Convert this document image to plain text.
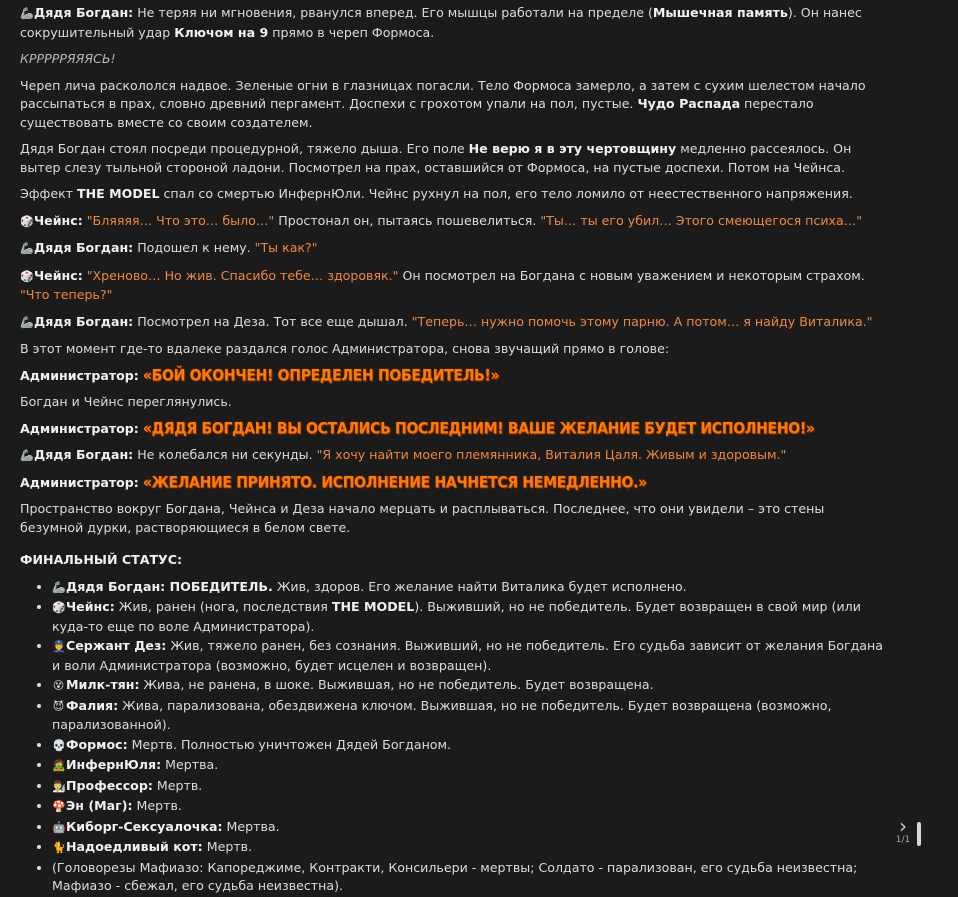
🦾Дядя Богдан: Не теряя ни мгновения, рванулся вперед. Его мышцы работали на пределе (Мышечная память). Он нанес сокрушительный удар Ключом на 9 прямо в череп Формоса.

КРРРРРЯЯЯСЬ!

Череп лича раскололся надвое. Зеленые огни в глазницах погасли. Тело Формоса замерло, а затем с сухим шелестом начало рассыпаться в прах, словно древний пергамент. Доспехи с грохотом упали на пол, пустые. Чудо Распада перестало существовать вместе со своим создателем.

Дядя Богдан стоял посреди процедурной, тяжело дыша. Его поле Не верю я в эту чертовщину медленно рассеялось. Он вытер слезу тыльной стороной ладони. Посмотрел на прах, оставшийся от Формоса, на пустые доспехи. Потом на Чейнса.

Эффект THE MODEL спал со смертью ИнфернЮли. Чейнс рухнул на пол, его тело ломило от неестественного напряжения.

🎲Чейнс: "Бляяяя… Что это… было…" Простонал он, пытаясь пошевелиться. "Ты… ты его убил… Этого смеющегося психа…"

🦾Дядя Богдан: Подошел к нему. "Ты как?"

🎲Чейнс: "Хреново… Но жив. Спасибо тебе… здоровяк." Он посмотрел на Богдана с новым уважением и некоторым страхом. "Что теперь?"

🦾Дядя Богдан: Посмотрел на Деза. Тот все еще дышал. "Теперь… нужно помочь этому парню. А потом… я найду Виталика."

В этот момент где-то вдалеке раздался голос Администратора, снова звучащий прямо в голове:

Администратор: «БОЙ ОКОНЧЕН! ОПРЕДЕЛЕН ПОБЕДИТЕЛЬ!»

Богдан и Чейнс переглянулись.

Администратор: «ДЯДЯ БОГДАН! ВЫ ОСТАЛИСЬ ПОСЛЕДНИМ! ВАШЕ ЖЕЛАНИЕ БУДЕТ ИСПОЛНЕНО!»

🦾Дядя Богдан: Не колебался ни секунды. "Я хочу найти моего племянника, Виталия Цаля. Живым и здоровым."

Администратор: «ЖЕЛАНИЕ ПРИНЯТО. ИСПОЛНЕНИЕ НАЧНЕТСЯ НЕМЕДЛЕННО.»

Пространство вокруг Богдана, Чейнса и Деза начало мерцать и расплываться. Последнее, что они увидели – это стены безумной дурки, растворяющиеся в белом свете.

ФИНАЛЬНЫЙ СТАТУС:

• 🦾Дядя Богдан: ПОБЕДИТЕЛЬ. Жив, здоров. Его желание найти Виталика будет исполнено.
• 🎲Чейнс: Жив, ранен (нога, последствия THE MODEL). Выживший, но не победитель. Будет возвращен в свой мир (или куда-то еще по воле Администратора).
• 👮Сержант Дез: Жив, тяжело ранен, без сознания. Выживший, но не победитель. Его судьба зависит от желания Богдана и воли Администратора (возможно, будет исцелен и возвращен).
• 😵 Милк-тян: Жива, не ранена, в шоке. Выжившая, но не победитель. Будет возвращена.
• 😈 Фалия: Жива, парализована, обездвижена ключом. Выжившая, но не победитель. Будет возвращена (возможно, парализованной).
• 💀Формос: Мертв. Полностью уничтожен Дядей Богданом.
• 🧟ИнфернЮля: Мертва.
• 👨‍🔬Профессор: Мертв.
• 🍄Эн (Маг): Мертв.
• 🤖Киборг-Сексуалочка: Мертва.
• 🐈Надоедливый кот: Мертв.
• (Головорезы Мафиазо: Капореджиме, Контракти, Консильери - мертвы; Солдато - парализован, его судьба неизвестна; Мафиазо - сбежал, его судьба неизвестна).
›
1/1
